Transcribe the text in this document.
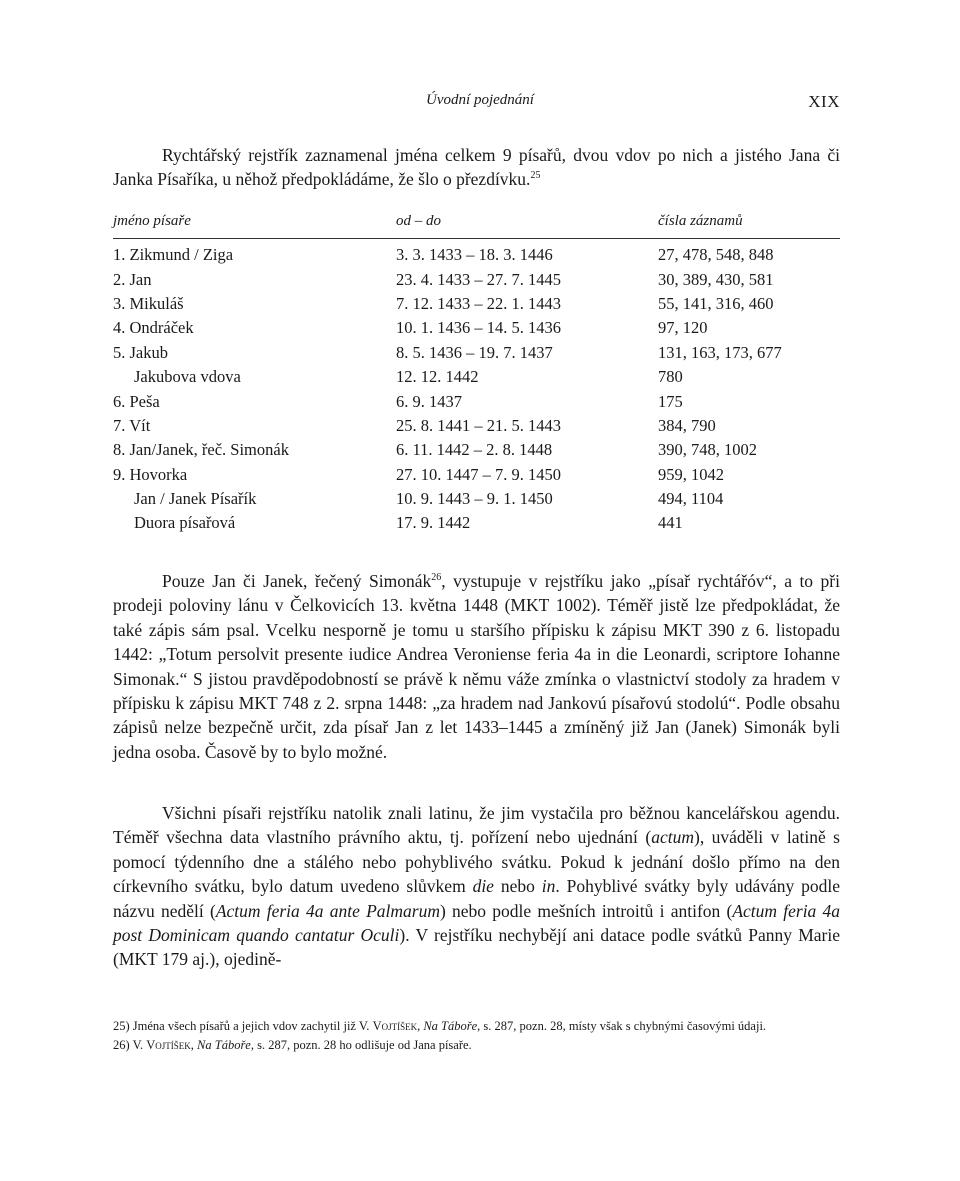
Úvodní pojednání	XIX

Rychtářský rejstřík zaznamenal jména celkem 9 písařů, dvou vdov po nich a jistého Jana či Janka Písaříka, u něhož předpokládáme, že šlo o přezdívku.$^{25}$

jméno písaře	od – do	čísla záznamů
1. Zikmund / Ziga	3. 3. 1433 – 18. 3. 1446	27, 478, 548, 848
2. Jan	23. 4. 1433 – 27. 7. 1445	30, 389, 430, 581
3. Mikuláš	7. 12. 1433 – 22. 1. 1443	55, 141, 316, 460
4. Ondráček	10. 1. 1436 – 14. 5. 1436	97, 120
5. Jakub	8. 5. 1436 – 19. 7. 1437	131, 163, 173, 677
Jakubova vdova	12. 12. 1442	780
6. Peša	6. 9. 1437	175
7. Vít	25. 8. 1441 – 21. 5. 1443	384, 790
8. Jan/Janek, řeč. Simonák	6. 11. 1442 – 2. 8. 1448	390, 748, 1002
9. Hovorka	27. 10. 1447 – 7. 9. 1450	959, 1042
Jan / Janek Písařík	10. 9. 1443 – 9. 1. 1450	494, 1104
Duora písařová	17. 9. 1442	441

Pouze Jan či Janek, řečený Simonák$^{26}$, vystupuje v rejstříku jako „písař rychtářóv“, a to při prodeji poloviny lánu v Čelkovicích 13. května 1448 (MKT 1002). Téměř jistě lze předpokládat, že také zápis sám psal. Vcelku nesporně je tomu u staršího přípisku k zápisu MKT 390 z 6. listopadu 1442: „Totum persolvit presente iudice Andrea Veroniense feria 4a in die Leonardi, scriptore Iohanne Simonak.“ S jistou pravděpodobností se právě k němu váže zmínka o vlastnictví stodoly za hradem v přípisku k zápisu MKT 748 z 2. srpna 1448: „za hradem nad Jankovú písařovú stodolú“. Podle obsahu zápisů nelze bezpečně určit, zda písař Jan z let 1433–1445 a zmíněný již Jan (Janek) Simonák byli jedna osoba. Časově by to bylo možné.

Všichni písaři rejstříku natolik znali latinu, že jim vystačila pro běžnou kancelářskou agendu. Téměř všechna data vlastního právního aktu, tj. pořízení nebo ujednání (actum), uváděli v latině s pomocí týdenního dne a stálého nebo pohyblivého svátku. Pokud k jednání došlo přímo na den církevního svátku, bylo datum uvedeno slůvkem die nebo in. Pohyblivé svátky byly udávány podle názvu nedělí (Actum feria 4a ante Palmarum) nebo podle mešních introitů i antifon (Actum feria 4a post Dominicam quando cantatur Oculi). V rejstříku nechybějí ani datace podle svátků Panny Marie (MKT 179 aj.), ojedině-

25) Jména všech písařů a jejich vdov zachytil již V. Vojtíšek, Na Táboře, s. 287, pozn. 28, místy však s chybnými časovými údaji.

26) V. Vojtíšek, Na Táboře, s. 287, pozn. 28 ho odlišuje od Jana písaře.
